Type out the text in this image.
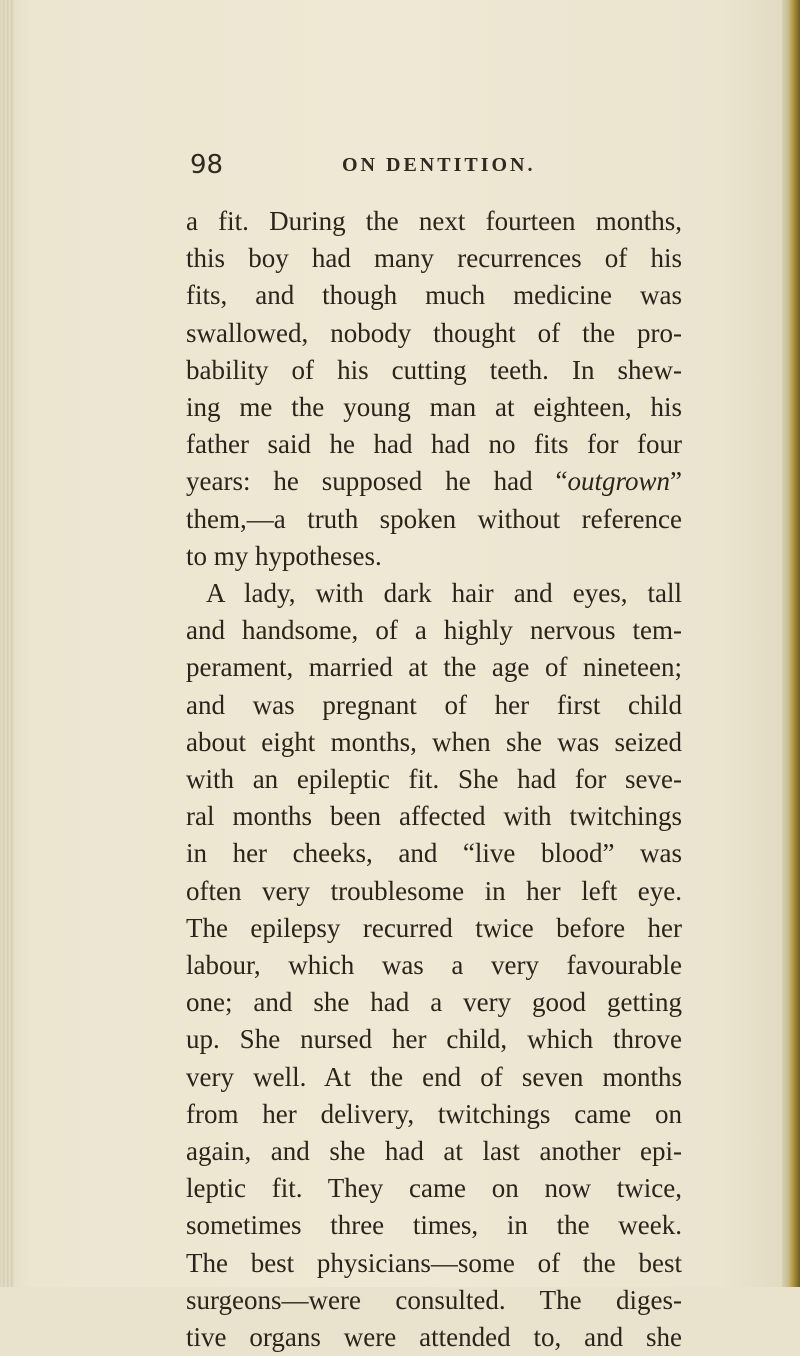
98	ON DENTITION.
a fit. During the next fourteen months,
this boy had many recurrences of his
fits, and though much medicine was
swallowed, nobody thought of the pro-
bability of his cutting teeth. In shew-
ing me the young man at eighteen, his
father said he had had no fits for four
years: he supposed he had “outgrown”
them,—a truth spoken without reference
to my hypotheses.
A lady, with dark hair and eyes, tall
and handsome, of a highly nervous tem-
perament, married at the age of nineteen;
and was pregnant of her first child
about eight months, when she was seized
with an epileptic fit. She had for seve-
ral months been affected with twitchings
in her cheeks, and “live blood” was
often very troublesome in her left eye.
The epilepsy recurred twice before her
labour, which was a very favourable
one; and she had a very good getting
up. She nursed her child, which throve
very well. At the end of seven months
from her delivery, twitchings came on
again, and she had at last another epi-
leptic fit. They came on now twice,
sometimes three times, in the week.
The best physicians—some of the best
surgeons—were consulted. The diges-
tive organs were attended to, and she
